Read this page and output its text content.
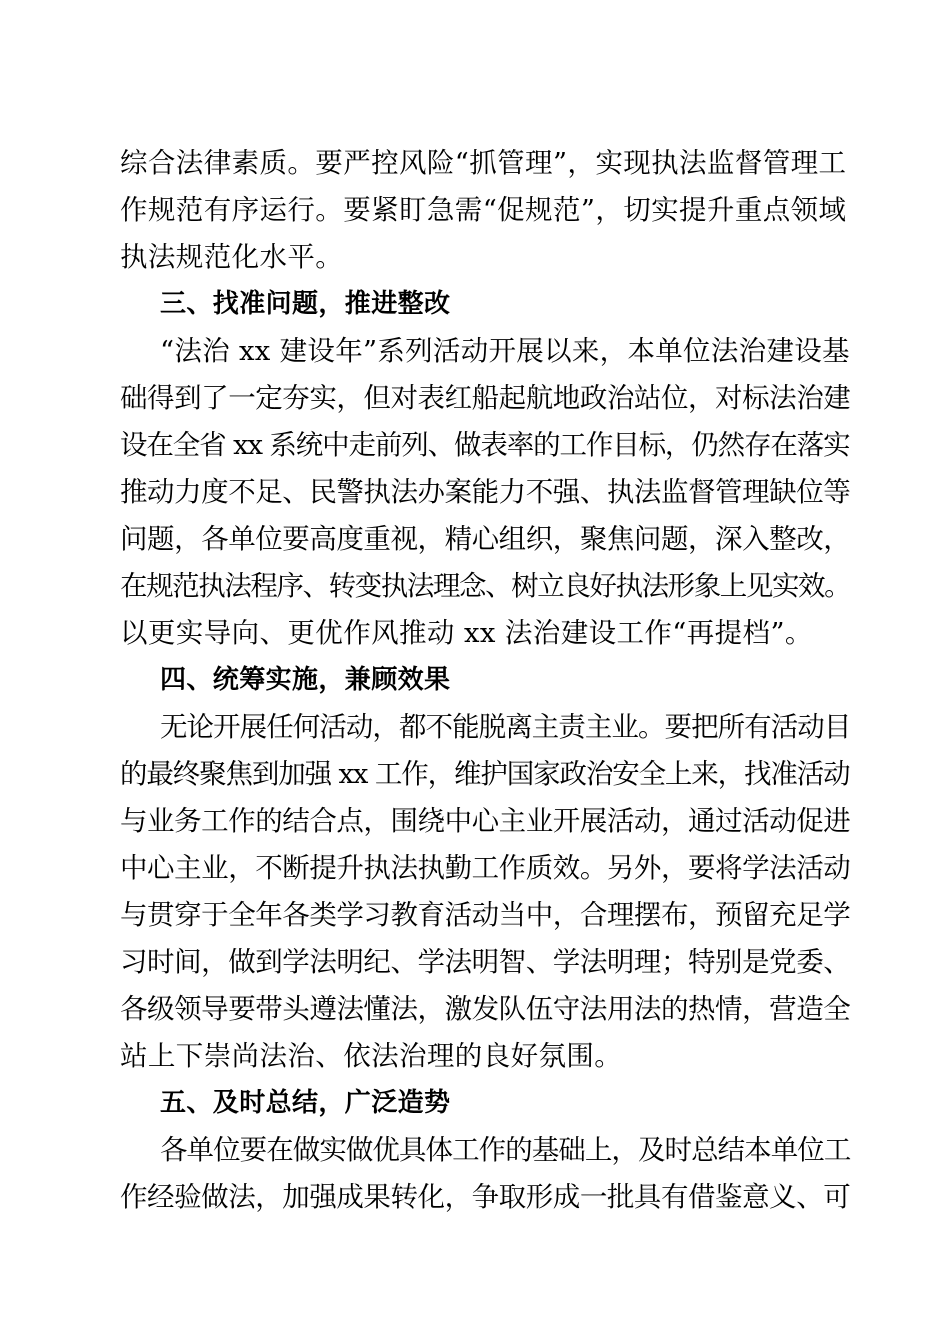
综合法律素质。要严控风险“抓管理”，实现执法监督管理工
作规范有序运行。要紧盯急需“促规范”，切实提升重点领域
执法规范化水平。
三、找准问题，推进整改
“法治 xx 建设年”系列活动开展以来，本单位法治建设基
础得到了一定夯实，但对表红船起航地政治站位，对标法治建
设在全省 xx 系统中走前列、做表率的工作目标，仍然存在落实
推动力度不足、民警执法办案能力不强、执法监督管理缺位等
问题，各单位要高度重视，精心组织，聚焦问题，深入整改，
在规范执法程序、转变执法理念、树立良好执法形象上见实效。
以更实导向、更优作风推动 xx 法治建设工作“再提档”。
四、统筹实施，兼顾效果
无论开展任何活动，都不能脱离主责主业。要把所有活动目
的最终聚焦到加强 xx 工作，维护国家政治安全上来，找准活动
与业务工作的结合点，围绕中心主业开展活动，通过活动促进
中心主业，不断提升执法执勤工作质效。另外，要将学法活动
与贯穿于全年各类学习教育活动当中，合理摆布，预留充足学
习时间，做到学法明纪、学法明智、学法明理；特别是党委、
各级领导要带头遵法懂法，激发队伍守法用法的热情，营造全
站上下崇尚法治、依法治理的良好氛围。
五、及时总结，广泛造势
各单位要在做实做优具体工作的基础上，及时总结本单位工
作经验做法，加强成果转化，争取形成一批具有借鉴意义、可
